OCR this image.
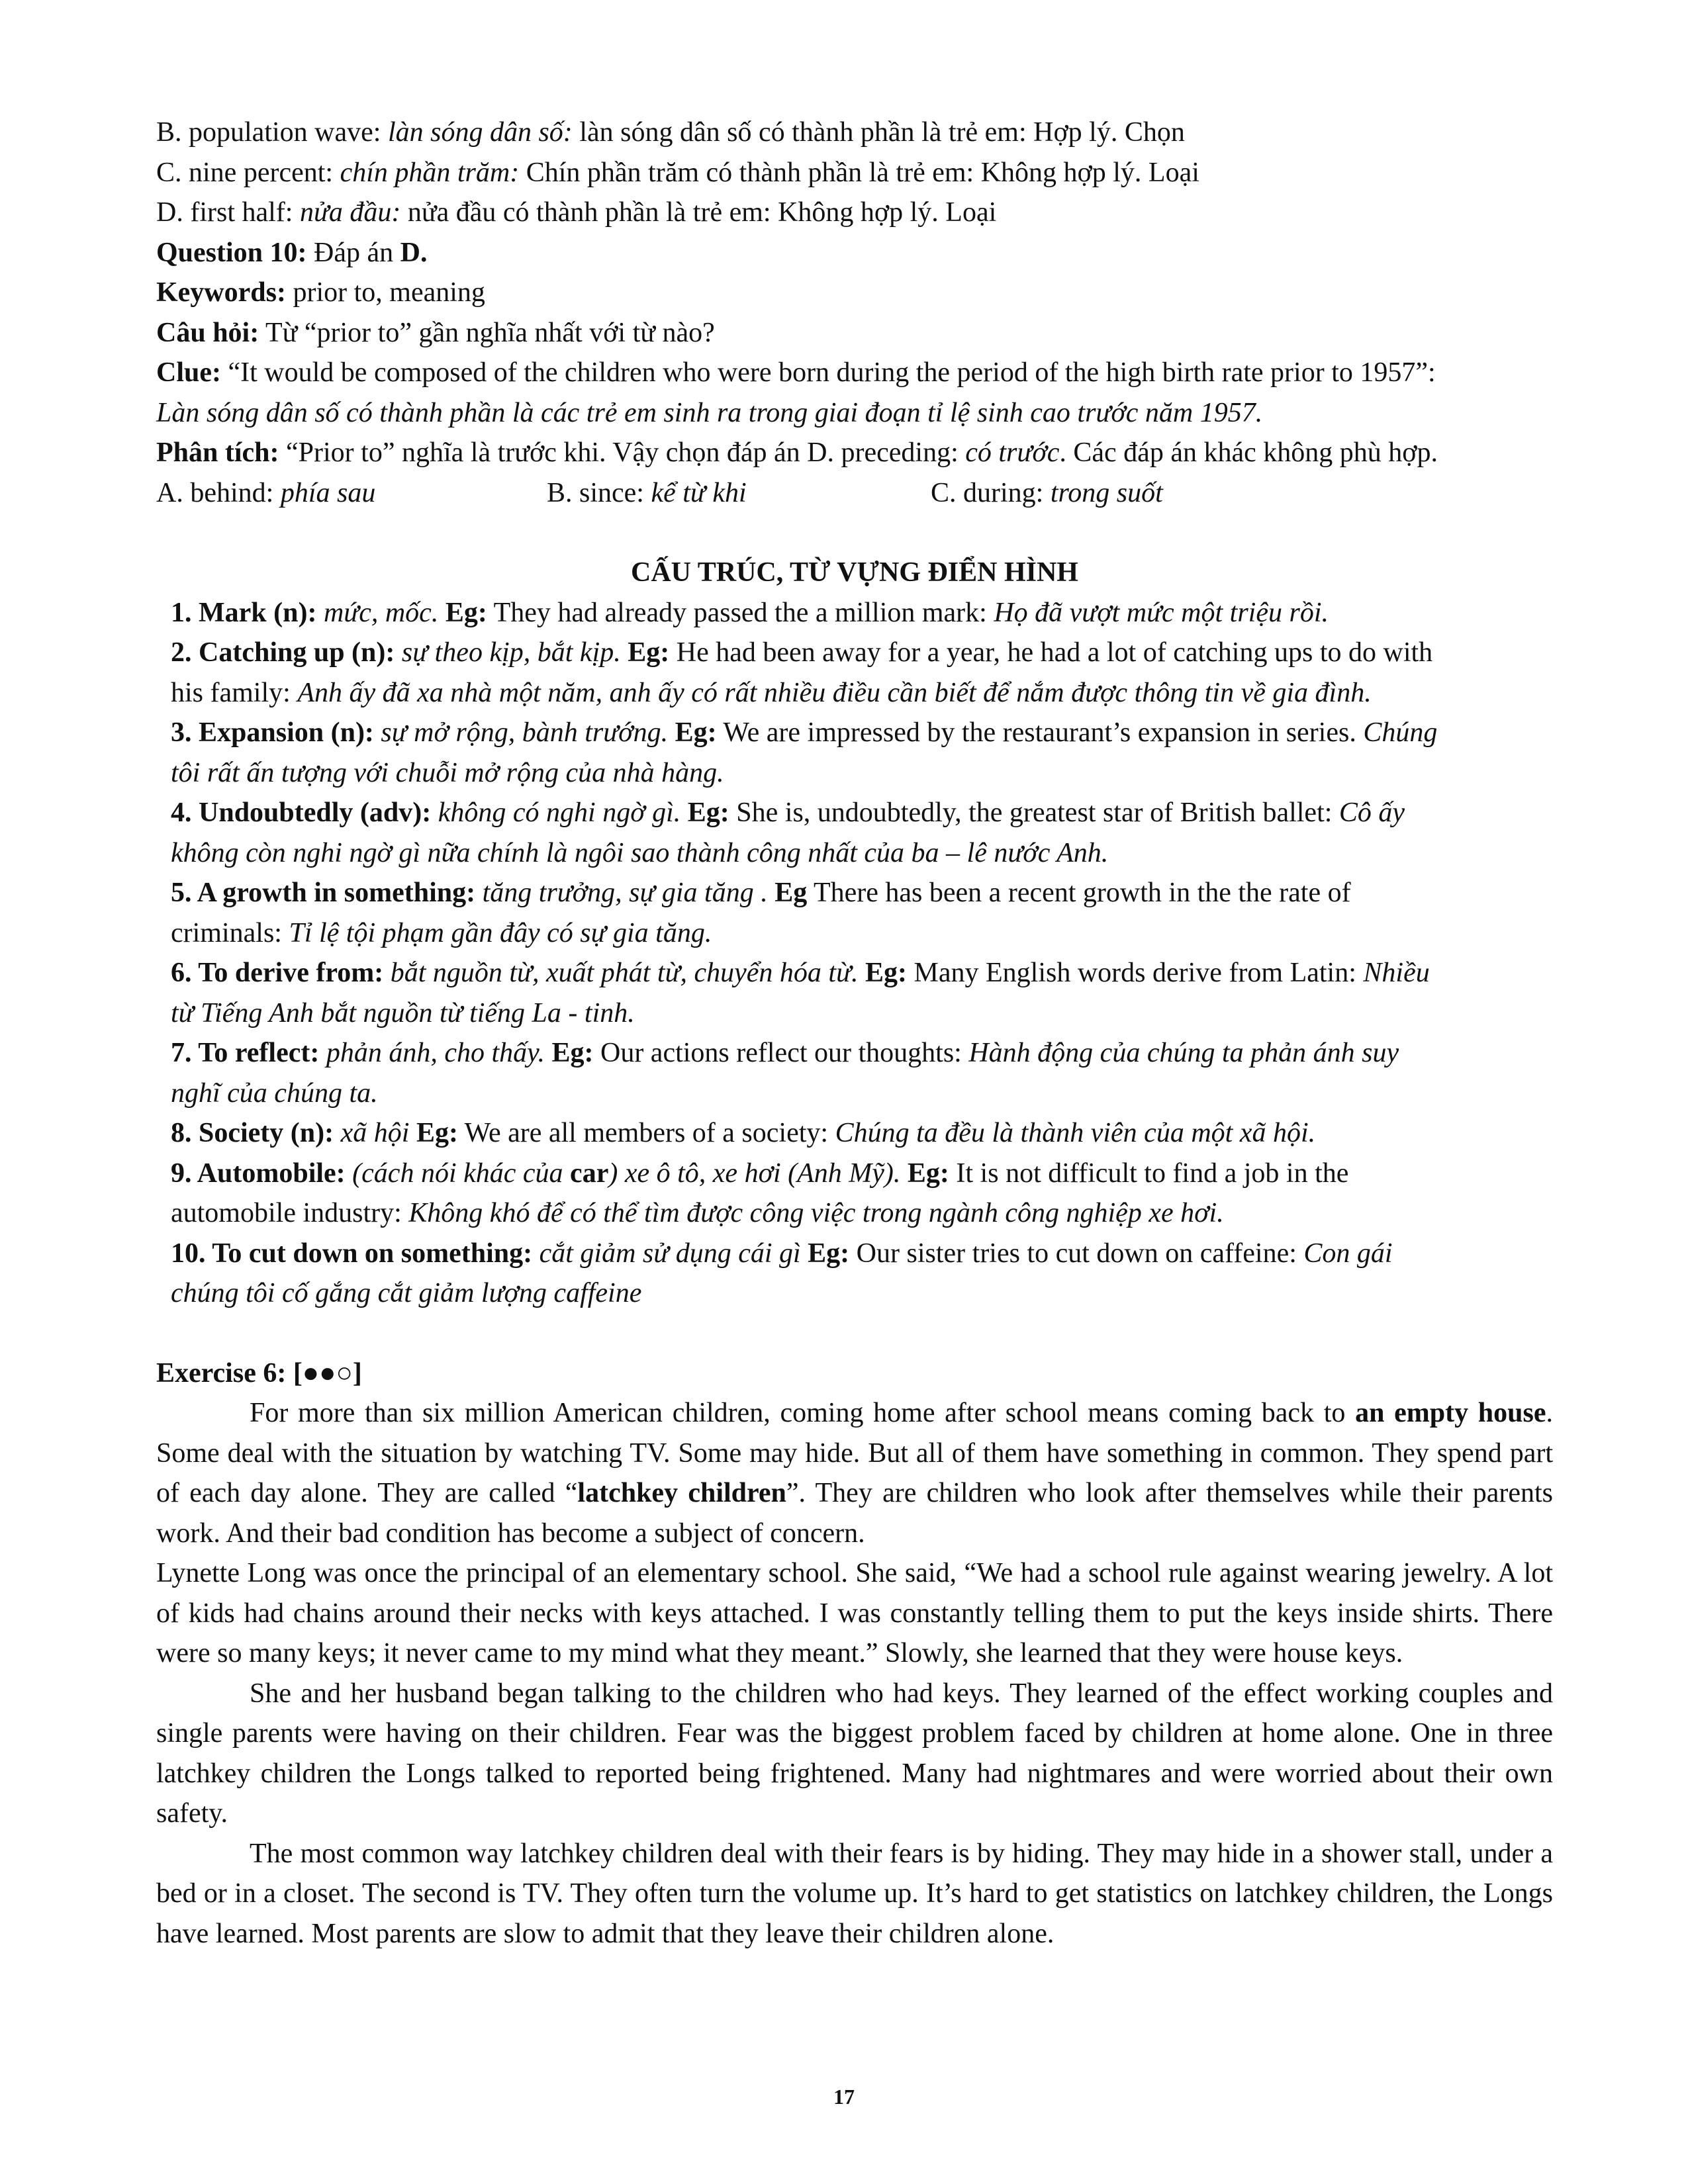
B. population wave: làn sóng dân số: làn sóng dân số có thành phần là trẻ em: Hợp lý. Chọn

C. nine percent: chín phần trăm: Chín phần trăm có thành phần là trẻ em: Không hợp lý. Loại

D. first half: nửa đầu: nửa đầu có thành phần là trẻ em: Không hợp lý. Loại

Question 10: Đáp án D.

Keywords: prior to, meaning

Câu hỏi: Từ “prior to” gần nghĩa nhất với từ nào?

Clue: “It would be composed of the children who were born during the period of the high birth rate prior to 1957”:

Làn sóng dân số có thành phần là các trẻ em sinh ra trong giai đoạn tỉ lệ sinh cao trước năm 1957.

Phân tích: “Prior to” nghĩa là trước khi. Vậy chọn đáp án D. preceding: có trước. Các đáp án khác không phù hợp.

A. behind: phía sau	B. since: kể từ khi	C. during: trong suốt

CẤU TRÚC, TỪ VỰNG ĐIỂN HÌNH

1. Mark (n): mức, mốc. Eg: They had already passed the a million mark: Họ đã vượt mức một triệu rồi.

2. Catching up (n): sự theo kịp, bắt kịp. Eg: He had been away for a year, he had a lot of catching ups to do with his family: Anh ấy đã xa nhà một năm, anh ấy có rất nhiều điều cần biết để nắm được thông tin về gia đình.

3. Expansion (n): sự mở rộng, bành trướng. Eg: We are impressed by the restaurant’s expansion in series. Chúng tôi rất ấn tượng với chuỗi mở rộng của nhà hàng.

4. Undoubtedly (adv): không có nghi ngờ gì. Eg: She is, undoubtedly, the greatest star of British ballet: Cô ấy không còn nghi ngờ gì nữa chính là ngôi sao thành công nhất của ba – lê nước Anh.

5. A growth in something: tăng trưởng, sự gia tăng . Eg There has been a recent growth in the the rate of criminals: Tỉ lệ tội phạm gần đây có sự gia tăng.

6. To derive from: bắt nguồn từ, xuất phát từ, chuyển hóa từ. Eg: Many English words derive from Latin: Nhiều từ Tiếng Anh bắt nguồn từ tiếng La - tinh.

7. To reflect: phản ánh, cho thấy. Eg: Our actions reflect our thoughts: Hành động của chúng ta phản ánh suy nghĩ của chúng ta.

8. Society (n): xã hội Eg: We are all members of a society: Chúng ta đều là thành viên của một xã hội.

9. Automobile: (cách nói khác của car) xe ô tô, xe hơi (Anh Mỹ). Eg: It is not difficult to find a job in the automobile industry: Không khó để có thể tìm được công việc trong ngành công nghiệp xe hơi.

10. To cut down on something: cắt giảm sử dụng cái gì Eg: Our sister tries to cut down on caffeine: Con gái chúng tôi cố gắng cắt giảm lượng caffeine

Exercise 6: [●●○]

For more than six million American children, coming home after school means coming back to an empty house. Some deal with the situation by watching TV. Some may hide. But all of them have something in common. They spend part of each day alone. They are called “latchkey children”. They are children who look after themselves while their parents work. And their bad condition has become a subject of concern.

Lynette Long was once the principal of an elementary school. She said, “We had a school rule against wearing jewelry. A lot of kids had chains around their necks with keys attached. I was constantly telling them to put the keys inside shirts. There were so many keys; it never came to my mind what they meant.” Slowly, she learned that they were house keys.

She and her husband began talking to the children who had keys. They learned of the effect working couples and single parents were having on their children. Fear was the biggest problem faced by children at home alone. One in three latchkey children the Longs talked to reported being frightened. Many had nightmares and were worried about their own safety.

The most common way latchkey children deal with their fears is by hiding. They may hide in a shower stall, under a bed or in a closet. The second is TV. They often turn the volume up. It’s hard to get statistics on latchkey children, the Longs have learned. Most parents are slow to admit that they leave their children alone.

17
